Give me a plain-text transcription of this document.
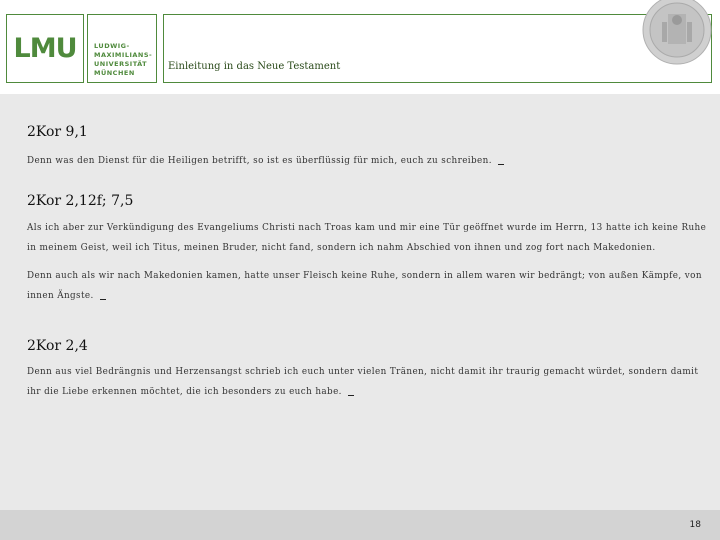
LMU	LUDWIG-
MAXIMILIANS-
UNIVERSITÄT
MÜNCHEN
Einleitung in das Neue Testament
2Kor 9,1
Denn was den Dienst für die Heiligen betrifft, so ist es überflüssig für mich, euch zu schreiben.
2Kor 2,12f; 7,5
Als ich aber zur Verkündigung des Evangeliums Christi nach Troas kam und mir eine Tür geöffnet wurde im Herrn, 13 hatte ich keine Ruhe in meinem Geist, weil ich Titus, meinen Bruder, nicht fand, sondern ich nahm Abschied von ihnen und zog fort nach Makedonien.
Denn auch als wir nach Makedonien kamen, hatte unser Fleisch keine Ruhe, sondern in allem waren wir bedrängt; von außen Kämpfe, von innen Ängste.
2Kor 2,4
Denn aus viel Bedrängnis und Herzensangst schrieb ich euch unter vielen Tränen, nicht damit ihr traurig gemacht würdet, sondern damit ihr die Liebe erkennen möchtet, die ich besonders zu euch habe.
18
